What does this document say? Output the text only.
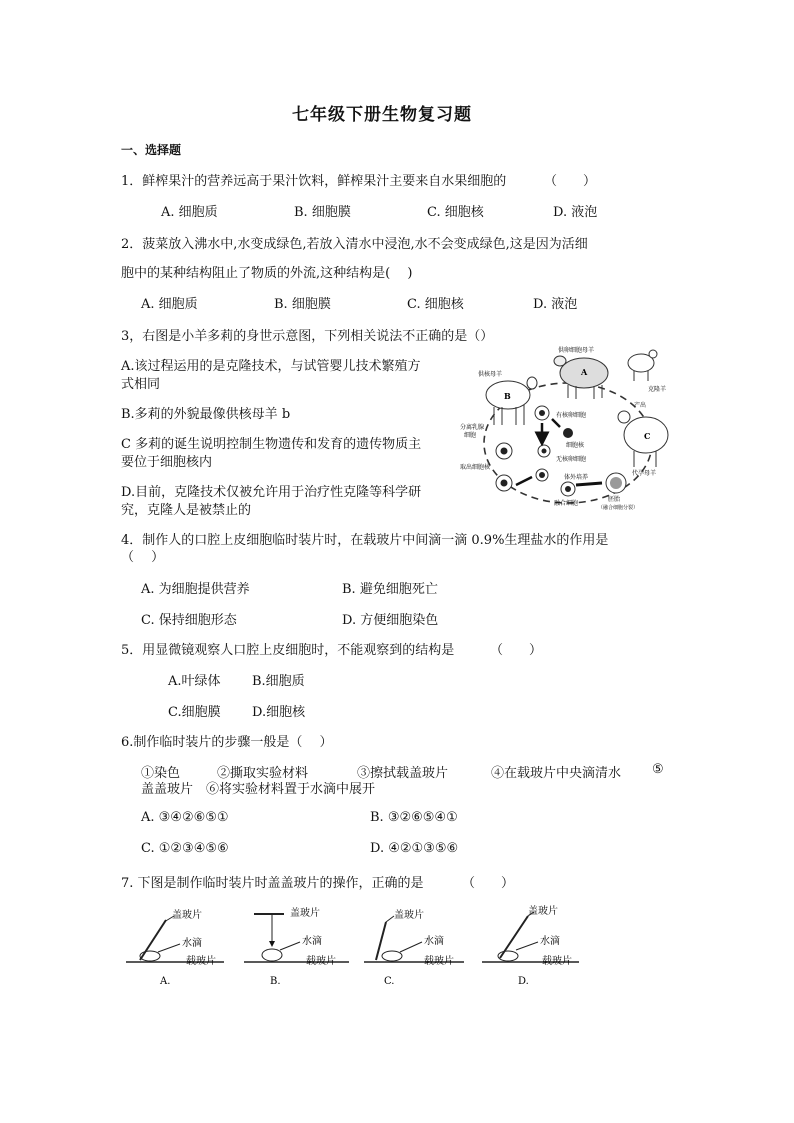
七年级下册生物复习题
一、选择题
1．鲜榨果汁的营养远高于果汁饮料，鲜榨果汁主要来自水果细胞的	（　　）
A. 细胞质	B. 细胞膜	C. 细胞核	D. 液泡
2．菠菜放入沸水中,水变成绿色,若放入清水中浸泡,水不会变成绿色,这是因为活细
胞中的某种结构阻止了物质的外流,这种结构是(　 )
A. 细胞质	B. 细胞膜	C. 细胞核	D. 液泡
3，右图是小羊多莉的身世示意图，下列相关说法不正确的是（）
A.该过程运用的是克隆技术，与试管婴儿技术繁殖方
式相同
B.多莉的外貌最像供核母羊 b
C 多莉的诞生说明控制生物遗传和发育的遗传物质主
要位于细胞核内
D.目前，克隆技术仅被允许用于治疗性克隆等科学研
究，克隆人是被禁止的
供卵细胞母羊
供核母羊
克隆羊
分离乳腺
细胞
取出细胞核
有核卵细胞
细胞核
无核卵细胞
体外培养
融合细胞
胚胎
（融合细胞分裂）
代孕母羊
产出
A
B
C
4．制作人的口腔上皮细胞临时装片时，在载玻片中间滴一滴 0.9%生理盐水的作用是
（　 ）
A. 为细胞提供营养	B. 避免细胞死亡
C. 保持细胞形态	D. 方便细胞染色
5．用显微镜观察人口腔上皮细胞时，不能观察到的结构是	（　　）
A.叶绿体 B.细胞质
C.细胞膜 D.细胞核
6.制作临时装片的步骤一般是（　 ）
①染色	②撕取实验材料	③擦拭载盖玻片	④在载玻片中央滴清水 ⑤
盖盖玻片　⑥将实验材料置于水滴中展开
A. ③④②⑥⑤①	B. ③②⑥⑤④①
C. ①②③④⑤⑥	D. ④②①③⑤⑥
7. 下图是制作临时装片时盖盖玻片的操作，正确的是	（　　）
盖玻片
水滴
载玻片
A.
盖玻片
水滴
载玻片
B.
盖玻片
水滴
载玻片
C.
盖玻片
水滴
载玻片
D.
